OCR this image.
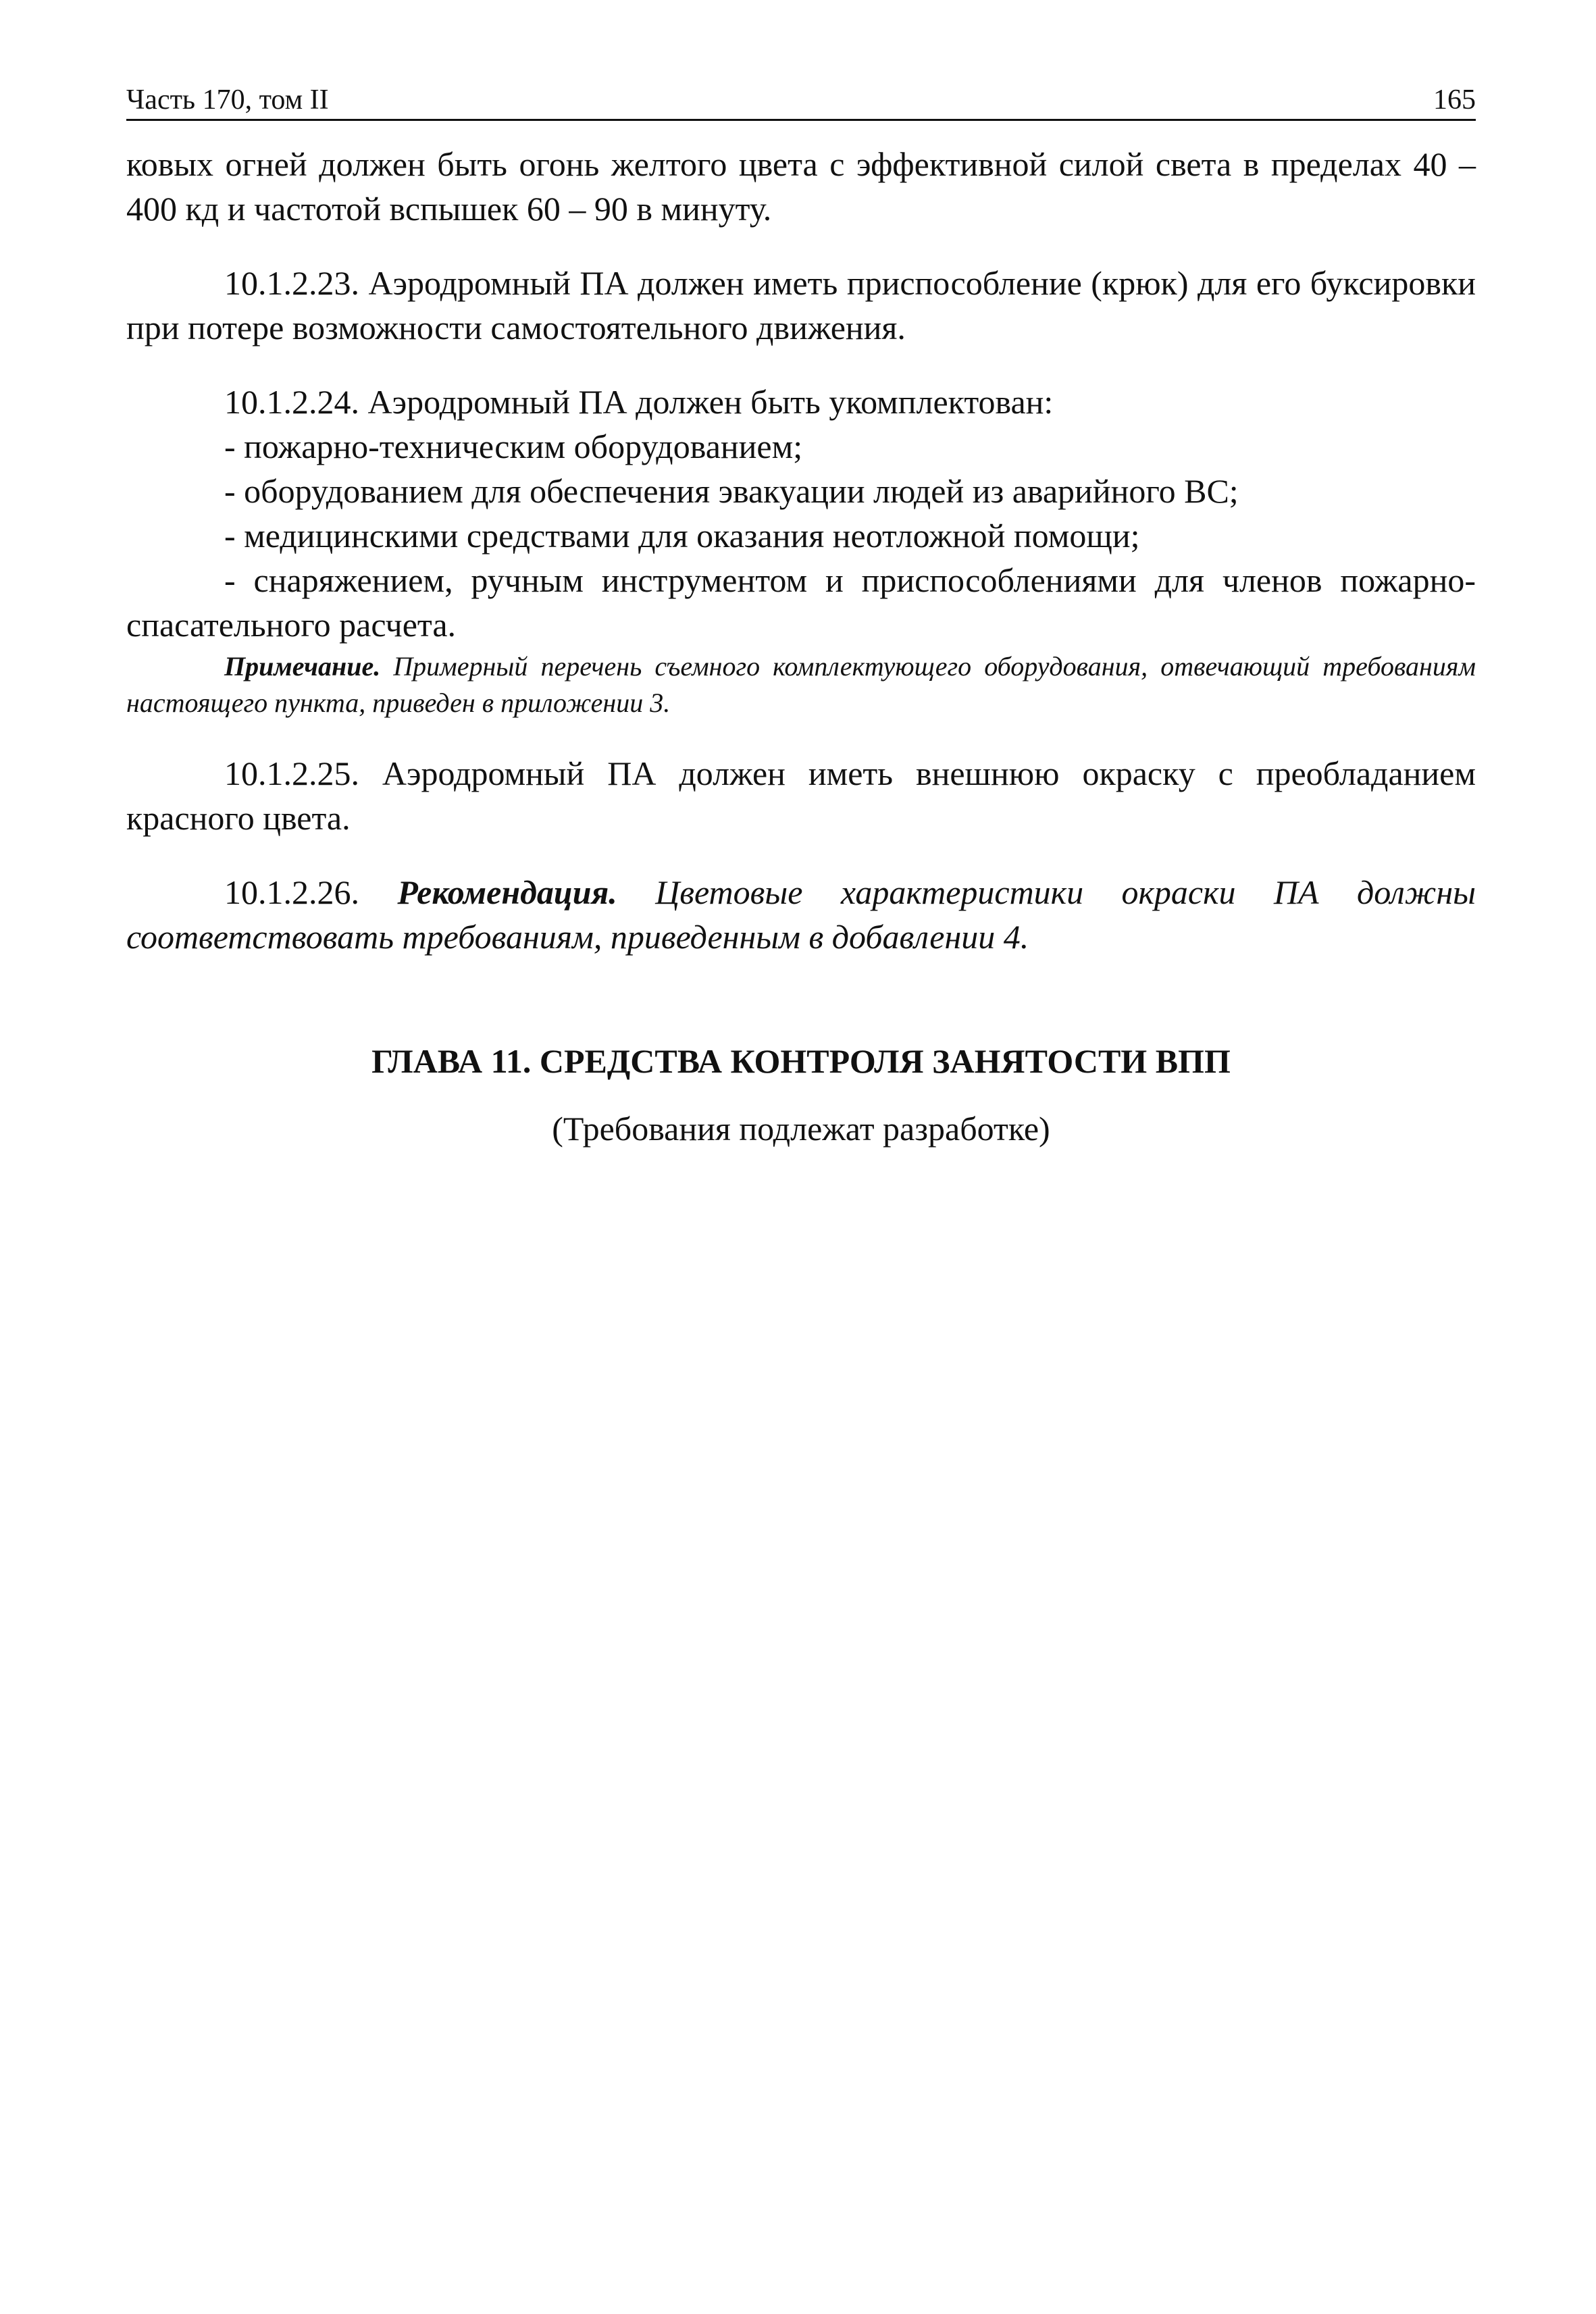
Часть 170, том II	165

ковых огней должен быть огонь желтого цвета с эффективной силой света в пределах 40 – 400 кд и частотой вспышек 60 – 90 в минуту.

10.1.2.23. Аэродромный ПА должен иметь приспособление (крюк) для его буксировки при потере возможности самостоятельного движения.

10.1.2.24. Аэродромный ПА должен быть укомплектован:

- пожарно-техническим оборудованием;
- оборудованием для обеспечения эвакуации людей из аварийного ВС;
- медицинскими средствами для оказания неотложной помощи;
- снаряжением, ручным инструментом и приспособлениями для членов пожарно-спасательного расчета.

Примечание. Примерный перечень съемного комплектующего оборудования, отвечающий требованиям настоящего пункта, приведен в приложении 3.

10.1.2.25. Аэродромный ПА должен иметь внешнюю окраску с преобладанием красного цвета.

10.1.2.26. Рекомендация. Цветовые характеристики окраски ПА должны соответствовать требованиям, приведенным в добавлении 4.

ГЛАВА 11. СРЕДСТВА КОНТРОЛЯ ЗАНЯТОСТИ ВПП

(Требования подлежат разработке)
